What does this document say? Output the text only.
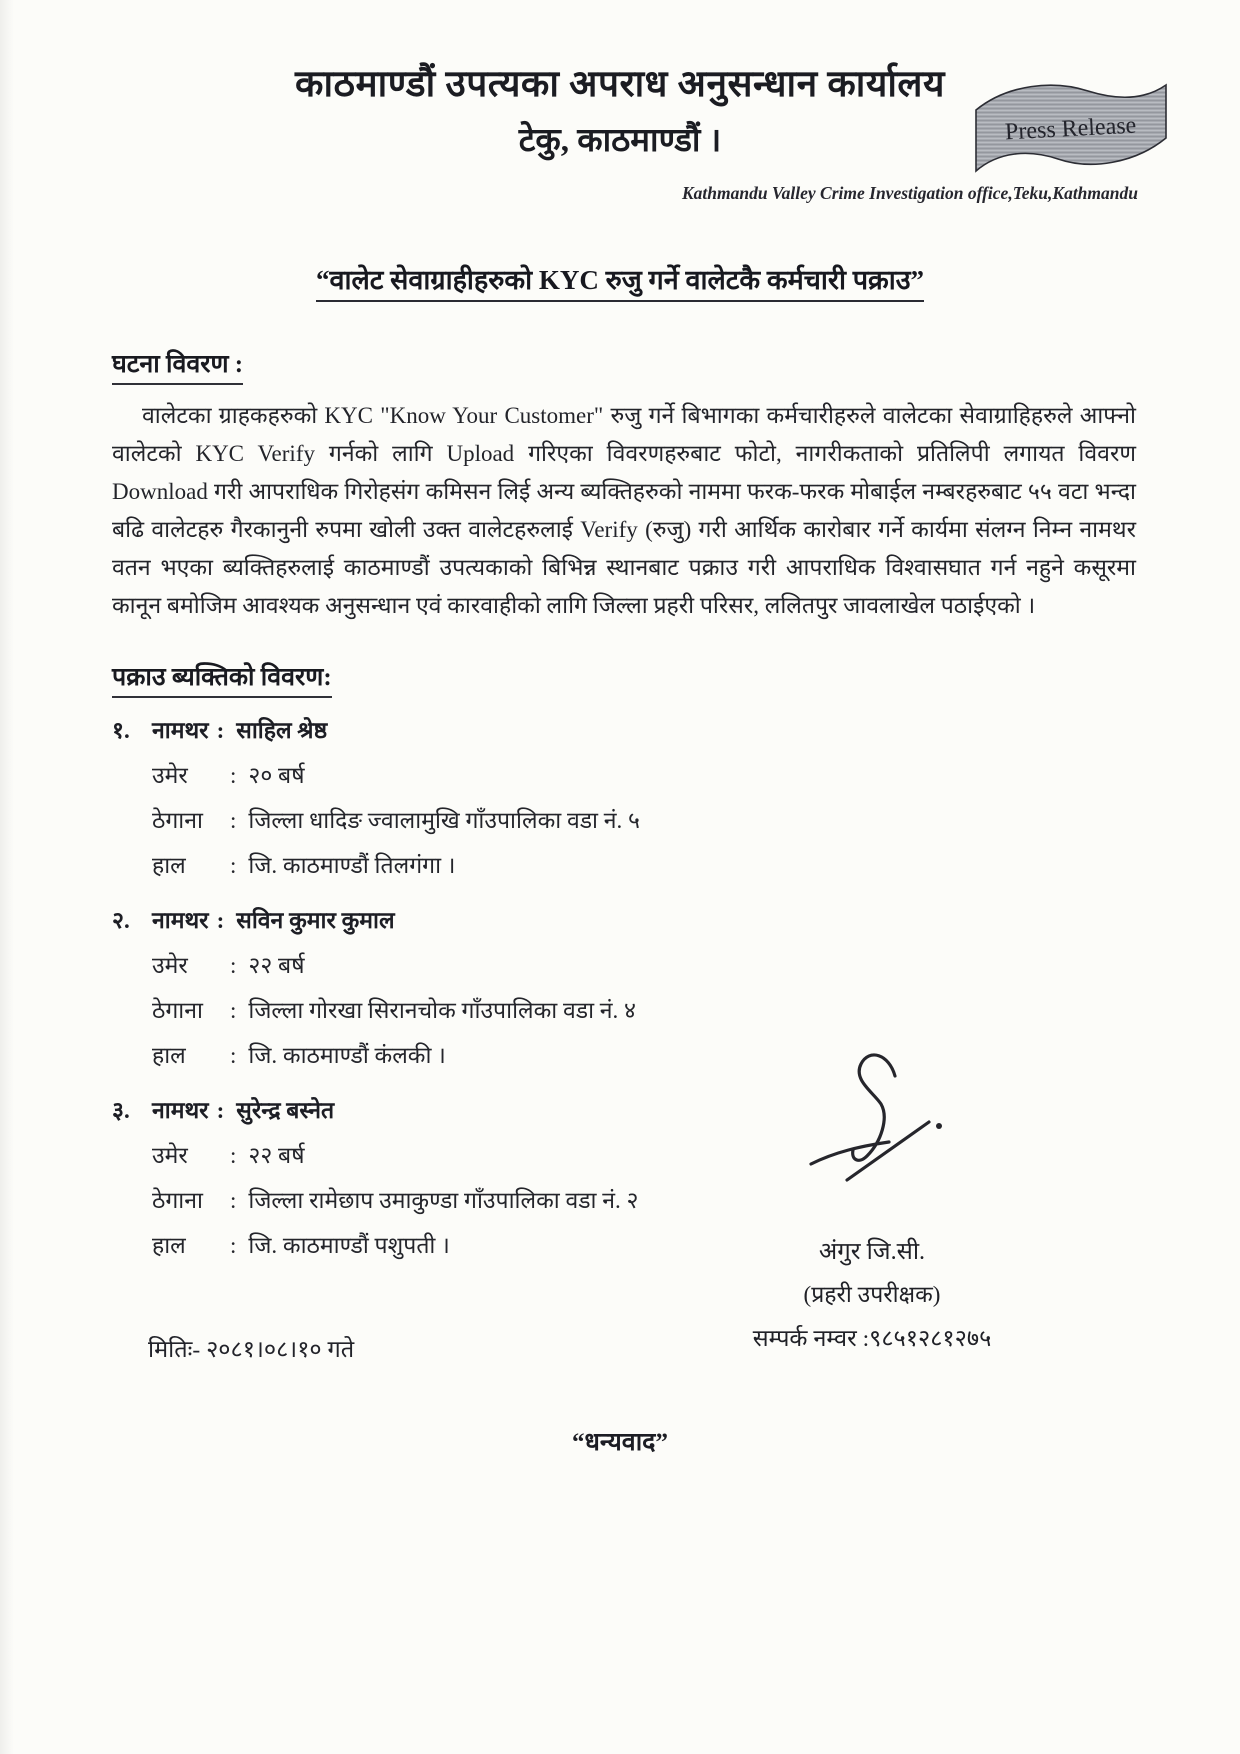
काठमाण्डौं उपत्यका अपराध अनुसन्धान कार्यालय
टेकु, काठमाण्डौं ।	Press Release
Kathmandu Valley Crime Investigation office,Teku,Kathmandu
“वालेट सेवाग्राहीहरुको KYC रुजु गर्ने वालेटकै कर्मचारी पक्राउ”
घटना विवरण :

वालेटका ग्राहकहरुको KYC "Know Your Customer" रुजु गर्ने बिभागका कर्मचारीहरुले वालेटका सेवाग्राहिहरुले आफ्नो वालेटको KYC Verify गर्नको लागि Upload गरिएका विवरणहरुबाट फोटो, नागरीकताको प्रतिलिपी लगायत विवरण Download गरी आपराधिक गिरोहसंग कमिसन लिई अन्य ब्यक्तिहरुको नाममा फरक-फरक मोबाईल नम्बरहरुबाट ५५ वटा भन्दा बढि वालेटहरु गैरकानुनी रुपमा खोली उक्त वालेटहरुलाई Verify (रुजु) गरी आर्थिक कारोबार गर्ने कार्यमा संलग्न निम्न नामथर वतन भएका ब्यक्तिहरुलाई काठमाण्डौं उपत्यकाको बिभिन्न स्थानबाट पक्राउ गरी आपराधिक विश्वासघात गर्न नहुने कसूरमा कानून बमोजिम आवश्यक अनुसन्धान एवं कारवाहीको लागि जिल्ला प्रहरी परिसर, ललितपुर जावलाखेल पठाईएको ।

पक्राउ ब्यक्तिको विवरण:
१. नामथर : साहिल श्रेष्ठ
उमेर : २० बर्ष
ठेगाना : जिल्ला धादिङ ज्वालामुखि गाँउपालिका वडा नं. ५
हाल : जि. काठमाण्डौं तिलगंगा ।
२. नामथर : सविन कुमार कुमाल
उमेर : २२ बर्ष
ठेगाना : जिल्ला गोरखा सिरानचोक गाँउपालिका वडा नं. ४
हाल : जि. काठमाण्डौं कंलकी ।
३. नामथर : सुरेन्द्र बस्नेत
उमेर : २२ बर्ष
ठेगाना : जिल्ला रामेछाप उमाकुण्डा गाँउपालिका वडा नं. २
हाल : जि. काठमाण्डौं पशुपती ।	अंगुर जि.सी.
(प्रहरी उपरीक्षक)
सम्पर्क नम्वर :९८५१२८१२७५
मितिः- २०८१।०८।१० गते
“धन्यवाद”
